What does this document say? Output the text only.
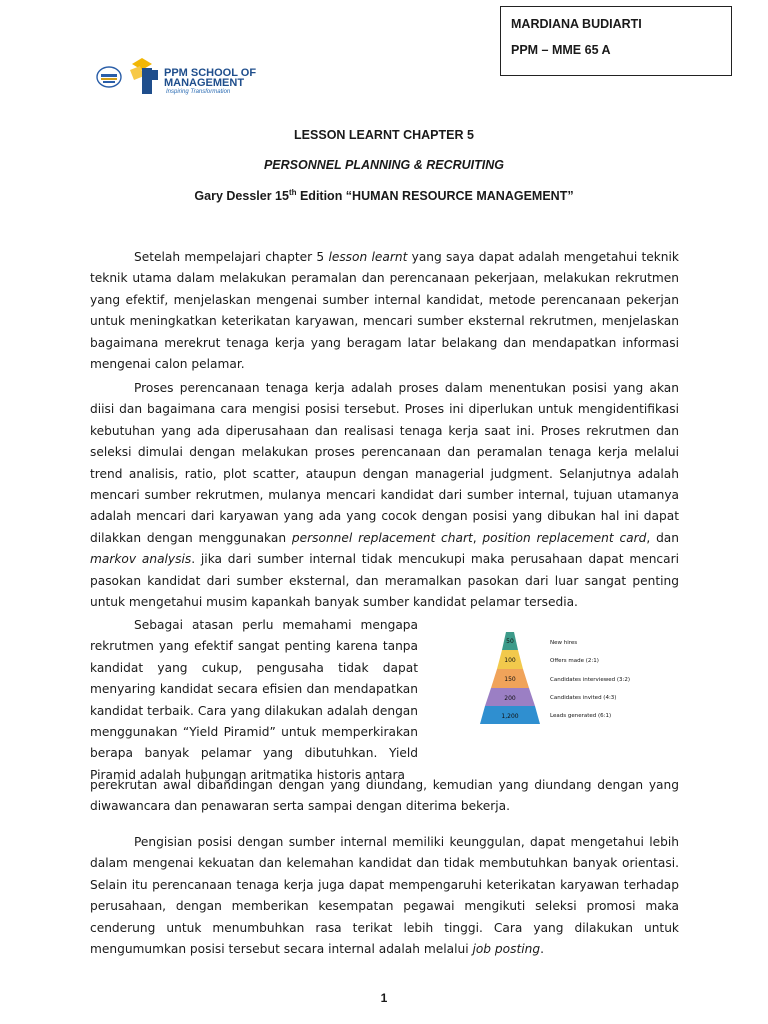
MARDIANA BUDIARTI
PPM – MME 65 A
PPM SCHOOL OF
MANAGEMENT
Inspiring Transformation
LESSON LEARNT CHAPTER 5
PERSONNEL PLANNING & RECRUITING
Gary Dessler 15th Edition “HUMAN RESOURCE MANAGEMENT”
Setelah mempelajari chapter 5 lesson learnt yang saya dapat adalah mengetahui teknik teknik utama dalam melakukan peramalan dan perencanaan pekerjaan, melakukan rekrutmen yang efektif, menjelaskan mengenai sumber internal kandidat, metode perencanaan pekerjan untuk meningkatkan keterikatan karyawan, mencari sumber eksternal rekrutmen, menjelaskan bagaimana merekrut tenaga kerja yang beragam latar belakang dan mendapatkan informasi mengenai calon pelamar.
Proses perencanaan tenaga kerja adalah proses dalam menentukan posisi yang akan diisi dan bagaimana cara mengisi posisi tersebut. Proses ini diperlukan untuk mengidentifikasi kebutuhan yang ada diperusahaan dan realisasi tenaga kerja saat ini. Proses rekrutmen dan seleksi dimulai dengan melakukan proses perencanaan dan peramalan tenaga kerja melalui trend analisis, ratio, plot scatter, ataupun dengan managerial judgment. Selanjutnya adalah mencari sumber rekrutmen, mulanya mencari kandidat dari sumber internal, tujuan utamanya adalah mencari dari karyawan yang ada yang cocok dengan posisi yang dibukan hal ini dapat dilakkan dengan menggunakan personnel replacement chart, position replacement card, dan markov analysis. jika dari sumber internal tidak mencukupi maka perusahaan dapat mencari pasokan kandidat dari sumber eksternal, dan meramalkan pasokan dari luar sangat penting untuk mengetahui musim kapankah banyak sumber kandidat pelamar tersedia.
Sebagai atasan perlu memahami mengapa rekrutmen yang efektif sangat penting karena tanpa kandidat yang cukup, pengusaha tidak dapat menyaring kandidat secara efisien dan mendapatkan kandidat terbaik. Cara yang dilakukan adalah dengan menggunakan “Yield Piramid” untuk memperkirakan berapa banyak pelamar yang dibutuhkan. Yield Piramid adalah hubungan aritmatika historis antara
perekrutan awal dibandingan dengan yang diundang, kemudian yang diundang dengan yang diwawancara dan penawaran serta sampai dengan diterima bekerja.
50
100
150
200
1,200
New hires
Offers made (2:1)
Candidates interviewed (3:2)
Candidates invited (4:3)
Leads generated (6:1)
Pengisian posisi dengan sumber internal memiliki keunggulan, dapat mengetahui lebih dalam mengenai kekuatan dan kelemahan kandidat dan tidak membutuhkan banyak orientasi. Selain itu perencanaan tenaga kerja juga dapat mempengaruhi keterikatan karyawan terhadap perusahaan, dengan memberikan kesempatan pegawai mengikuti seleksi promosi maka cenderung untuk menumbuhkan rasa terikat lebih tinggi. Cara yang dilakukan untuk mengumumkan posisi tersebut secara internal adalah melalui job posting.
1
